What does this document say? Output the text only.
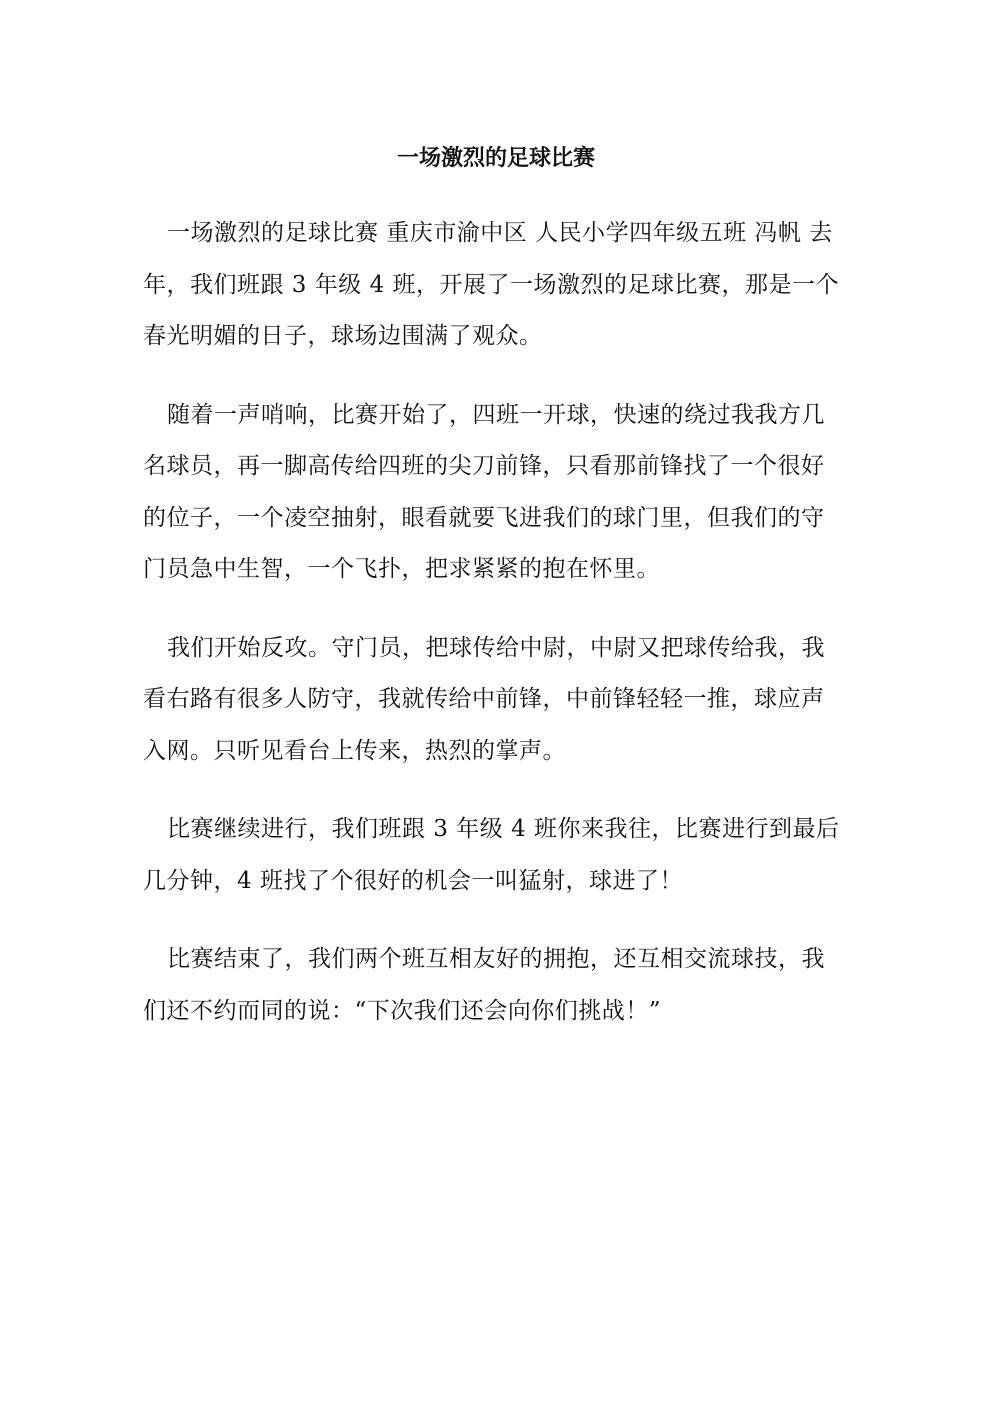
一场激烈的足球比赛

一场激烈的足球比赛 重庆市渝中区 人民小学四年级五班 冯帆 去年，我们班跟 3 年级 4 班，开展了一场激烈的足球比赛，那是一个春光明媚的日子，球场边围满了观众。

随着一声哨响，比赛开始了，四班一开球，快速的绕过我我方几名球员，再一脚高传给四班的尖刀前锋，只看那前锋找了一个很好的位子，一个凌空抽射，眼看就要飞进我们的球门里，但我们的守门员急中生智，一个飞扑，把求紧紧的抱在怀里。

我们开始反攻。守门员，把球传给中尉，中尉又把球传给我，我看右路有很多人防守，我就传给中前锋，中前锋轻轻一推，球应声入网。只听见看台上传来，热烈的掌声。

比赛继续进行，我们班跟 3 年级 4 班你来我往，比赛进行到最后几分钟，4 班找了个很好的机会一叫猛射，球进了！

比赛结束了，我们两个班互相友好的拥抱，还互相交流球技，我们还不约而同的说：“下次我们还会向你们挑战！”
